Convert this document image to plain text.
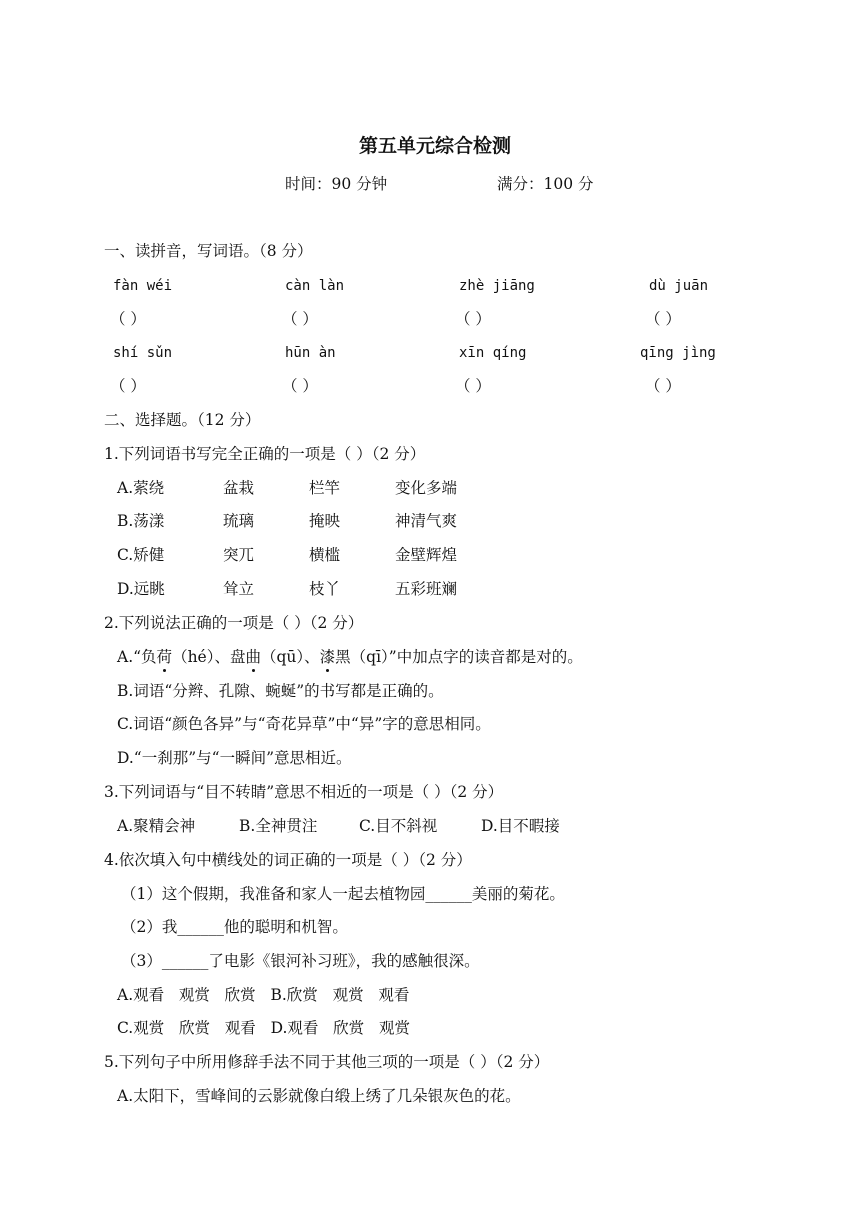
第五单元综合检测
时间：90 分钟	满分：100 分
一、读拼音，写词语。（8 分）
fàn wéi	càn làn	zhè jiāng	dù juān
（ ）	（ ）	（ ）	（ ）
shí sǔn	hūn àn	xīn qíng	qīng jìng
（ ）	（ ）	（ ）	（ ）
二、选择题。（12 分）
1.下列词语书写完全正确的一项是（ ）（2 分）
A.萦绕	盆栽	栏竿	变化多端
B.荡漾	琉璃	掩映	神清气爽
C.矫健	突兀	横槛	金壁辉煌
D.远眺	耸立	枝丫	五彩班斓
2.下列说法正确的一项是（ ）（2 分）
A.“负荷（hé）、盘曲（qū）、漆黑（qī）”中加点字的读音都是对的。
B.词语“分辫、孔隙、蜿蜒”的书写都是正确的。
C.词语“颜色各异”与“奇花异草”中“异”字的意思相同。
D.“一刹那”与“一瞬间”意思相近。
3.下列词语与“目不转睛”意思不相近的一项是（ ）（2 分）
A.聚精会神	B.全神贯注	C.目不斜视	D.目不暇接
4.依次填入句中横线处的词正确的一项是（ ）（2 分）
（1）这个假期，我准备和家人一起去植物园______美丽的菊花。
（2）我______他的聪明和机智。
（3）______了电影《银河补习班》，我的感触很深。
A.观看   观赏   欣赏   B.欣赏   观赏   观看
C.观赏   欣赏   观看   D.观看   欣赏   观赏
5.下列句子中所用修辞手法不同于其他三项的一项是（ ）（2 分）
A.太阳下，雪峰间的云影就像白缎上绣了几朵银灰色的花。
